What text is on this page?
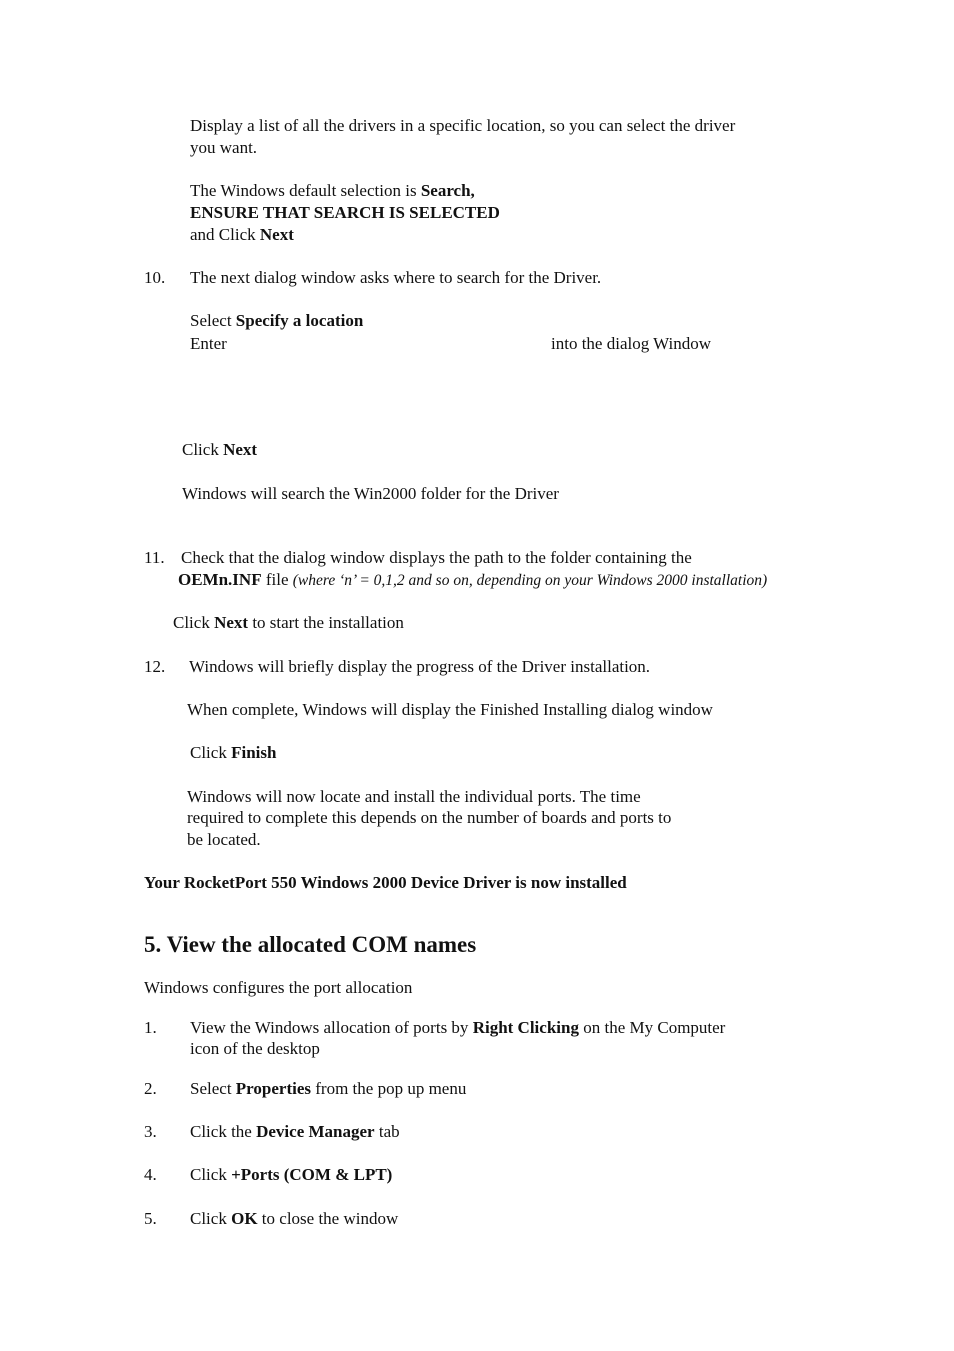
Display a list of all the drivers in a specific location, so you can select the driver
you want.
The Windows default selection is Search,
ENSURE THAT SEARCH IS SELECTED
and Click Next
10. The next dialog window asks where to search for the Driver.
Select Specify a location
Enter	into the dialog Window
Click Next
Windows will search the Win2000 folder for the Driver
11. Check that the dialog window displays the path to the folder containing the
OEMn.INF file (where ‘n’ = 0,1,2 and so on, depending on your Windows 2000 installation)
Click Next to start the installation
12. Windows will briefly display the progress of the Driver installation.
When complete, Windows will display the Finished Installing dialog window
Click Finish
Windows will now locate and install the individual ports. The time
required to complete this depends on the number of boards and ports to
be located.
Your RocketPort 550 Windows 2000 Device Driver is now installed
5. View the allocated COM names
Windows configures the port allocation
1. View the Windows allocation of ports by Right Clicking on the My Computer
icon of the desktop
2. Select Properties from the pop up menu
3. Click the Device Manager tab
4. Click +Ports (COM & LPT)
5. Click OK to close the window
